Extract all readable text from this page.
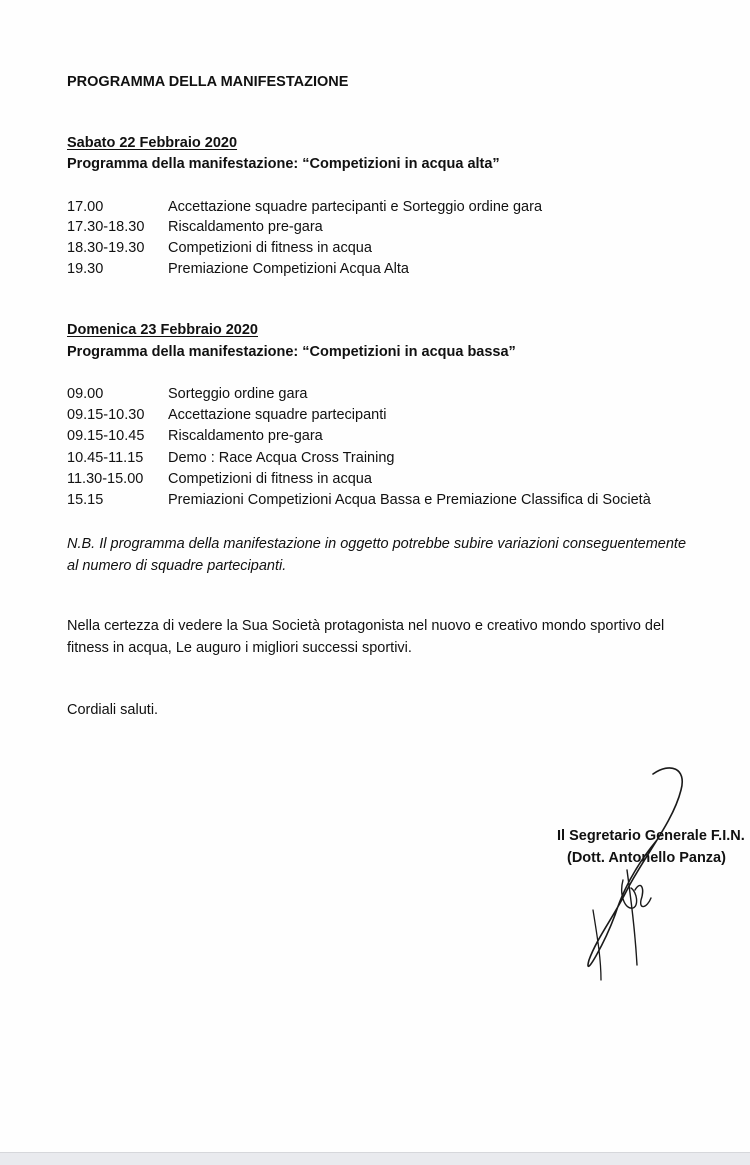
PROGRAMMA DELLA MANIFESTAZIONE
Sabato 22 Febbraio 2020
Programma della manifestazione: “Competizioni in acqua alta”
17.00	Accettazione squadre partecipanti e Sorteggio ordine gara
17.30-18.30 Riscaldamento pre-gara
18.30-19.30 Competizioni di fitness in acqua
19.30	Premiazione Competizioni Acqua Alta
Domenica 23 Febbraio 2020
Programma della manifestazione: “Competizioni in acqua bassa”
09.00	Sorteggio ordine gara
09.15-10.30 Accettazione squadre partecipanti
09.15-10.45 Riscaldamento pre-gara
10.45-11.15 Demo : Race Acqua Cross Training
11.30-15.00 Competizioni di fitness in acqua
15.15	Premiazioni Competizioni Acqua Bassa e Premiazione Classifica di Società
N.B. Il programma della manifestazione in oggetto potrebbe subire variazioni conseguentemente
al numero di squadre partecipanti.
Nella certezza di vedere la Sua Società protagonista nel nuovo e creativo mondo sportivo del
fitness in acqua, Le auguro i migliori successi sportivi.
Cordiali saluti.
Il Segretario Generale F.I.N.
(Dott. Antonello Panza)
